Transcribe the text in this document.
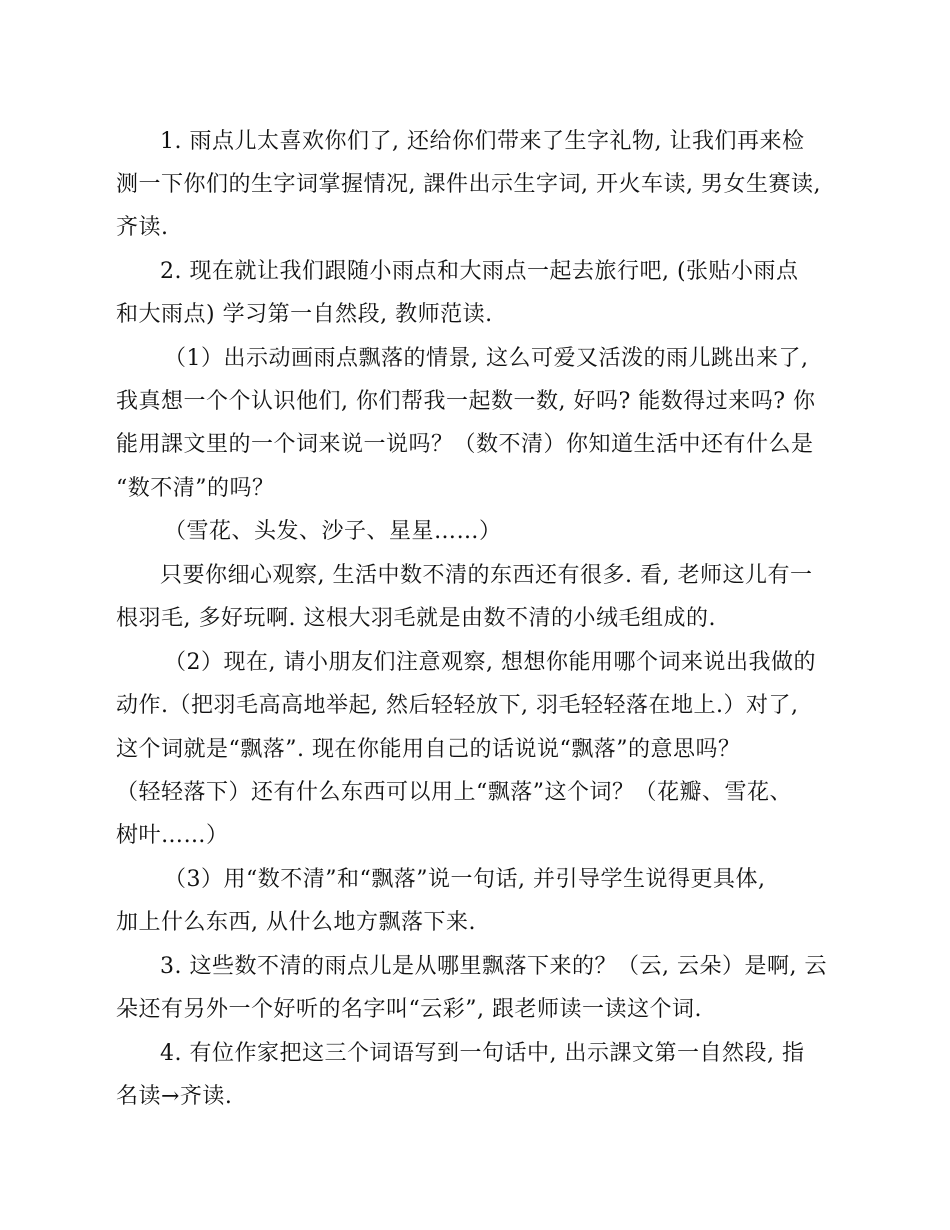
1. 雨点儿太喜欢你们了, 还给你们带来了生字礼物, 让我们再来检
测一下你们的生字词掌握情况, 課件出示生字词, 开火车读, 男女生赛读,
齐读.
2. 现在就让我们跟随小雨点和大雨点一起去旅行吧, (张贴小雨点
和大雨点) 学习第一自然段, 教师范读.
（1）出示动画雨点飘落的情景, 这么可爱又活泼的雨儿跳出来了,
我真想一个个认识他们, 你们帮我一起数一数, 好吗? 能数得过来吗? 你
能用課文里的一个词来说一说吗？（数不清）你知道生活中还有什么是
“数不清”的吗？
（雪花、头发、沙子、星星……）
只要你细心观察, 生活中数不清的东西还有很多. 看, 老师这儿有一
根羽毛, 多好玩啊. 这根大羽毛就是由数不清的小绒毛组成的.
（2）现在, 请小朋友们注意观察, 想想你能用哪个词来说出我做的
动作.（把羽毛高高地举起, 然后轻轻放下, 羽毛轻轻落在地上.）对了,
这个词就是“飘落”. 现在你能用自己的话说说“飘落”的意思吗？
（轻轻落下）还有什么东西可以用上“飘落”这个词？（花瓣、雪花、
树叶……）
（3）用“数不清”和“飘落”说一句话, 并引导学生说得更具体,
加上什么东西, 从什么地方飘落下来.
3. 这些数不清的雨点儿是从哪里飘落下来的？（云, 云朵）是啊, 云
朵还有另外一个好听的名字叫“云彩”, 跟老师读一读这个词.
4. 有位作家把这三个词语写到一句话中, 出示課文第一自然段, 指
名读→齐读.
